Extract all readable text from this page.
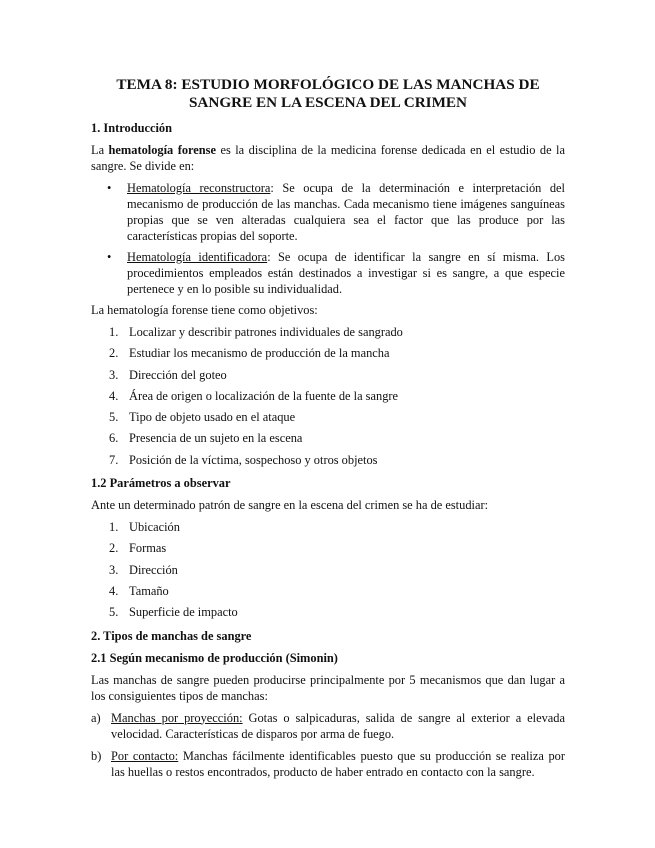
TEMA 8: ESTUDIO MORFOLÓGICO DE LAS MANCHAS DE SANGRE EN LA ESCENA DEL CRIMEN
1. Introducción

La hematología forense es la disciplina de la medicina forense dedicada en el estudio de la sangre. Se divide en:

• Hematología reconstructora: Se ocupa de la determinación e interpretación del mecanismo de producción de las manchas. Cada mecanismo tiene imágenes sanguíneas propias que se ven alteradas cualquiera sea el factor que las produce por las características propias del soporte.
• Hematología identificadora: Se ocupa de identificar la sangre en sí misma. Los procedimientos empleados están destinados a investigar si es sangre, a que especie pertenece y en lo posible su individualidad.

La hematología forense tiene como objetivos:

1. Localizar y describir patrones individuales de sangrado
2. Estudiar los mecanismo de producción de la mancha
3. Dirección del goteo
4. Área de origen o localización de la fuente de la sangre
5. Tipo de objeto usado en el ataque
6. Presencia de un sujeto en la escena
7. Posición de la víctima, sospechoso y otros objetos
1.2 Parámetros a observar

Ante un determinado patrón de sangre en la escena del crimen se ha de estudiar:

1. Ubicación
2. Formas
3. Dirección
4. Tamaño
5. Superficie de impacto
2. Tipos de manchas de sangre
2.1 Según mecanismo de producción (Simonin)

Las manchas de sangre pueden producirse principalmente por 5 mecanismos que dan lugar a los consiguientes tipos de manchas:

a) Manchas por proyección: Gotas o salpicaduras, salida de sangre al exterior a elevada velocidad. Características de disparos por arma de fuego.
b) Por contacto: Manchas fácilmente identificables puesto que su producción se realiza por las huellas o restos encontrados, producto de haber entrado en contacto con la sangre.
